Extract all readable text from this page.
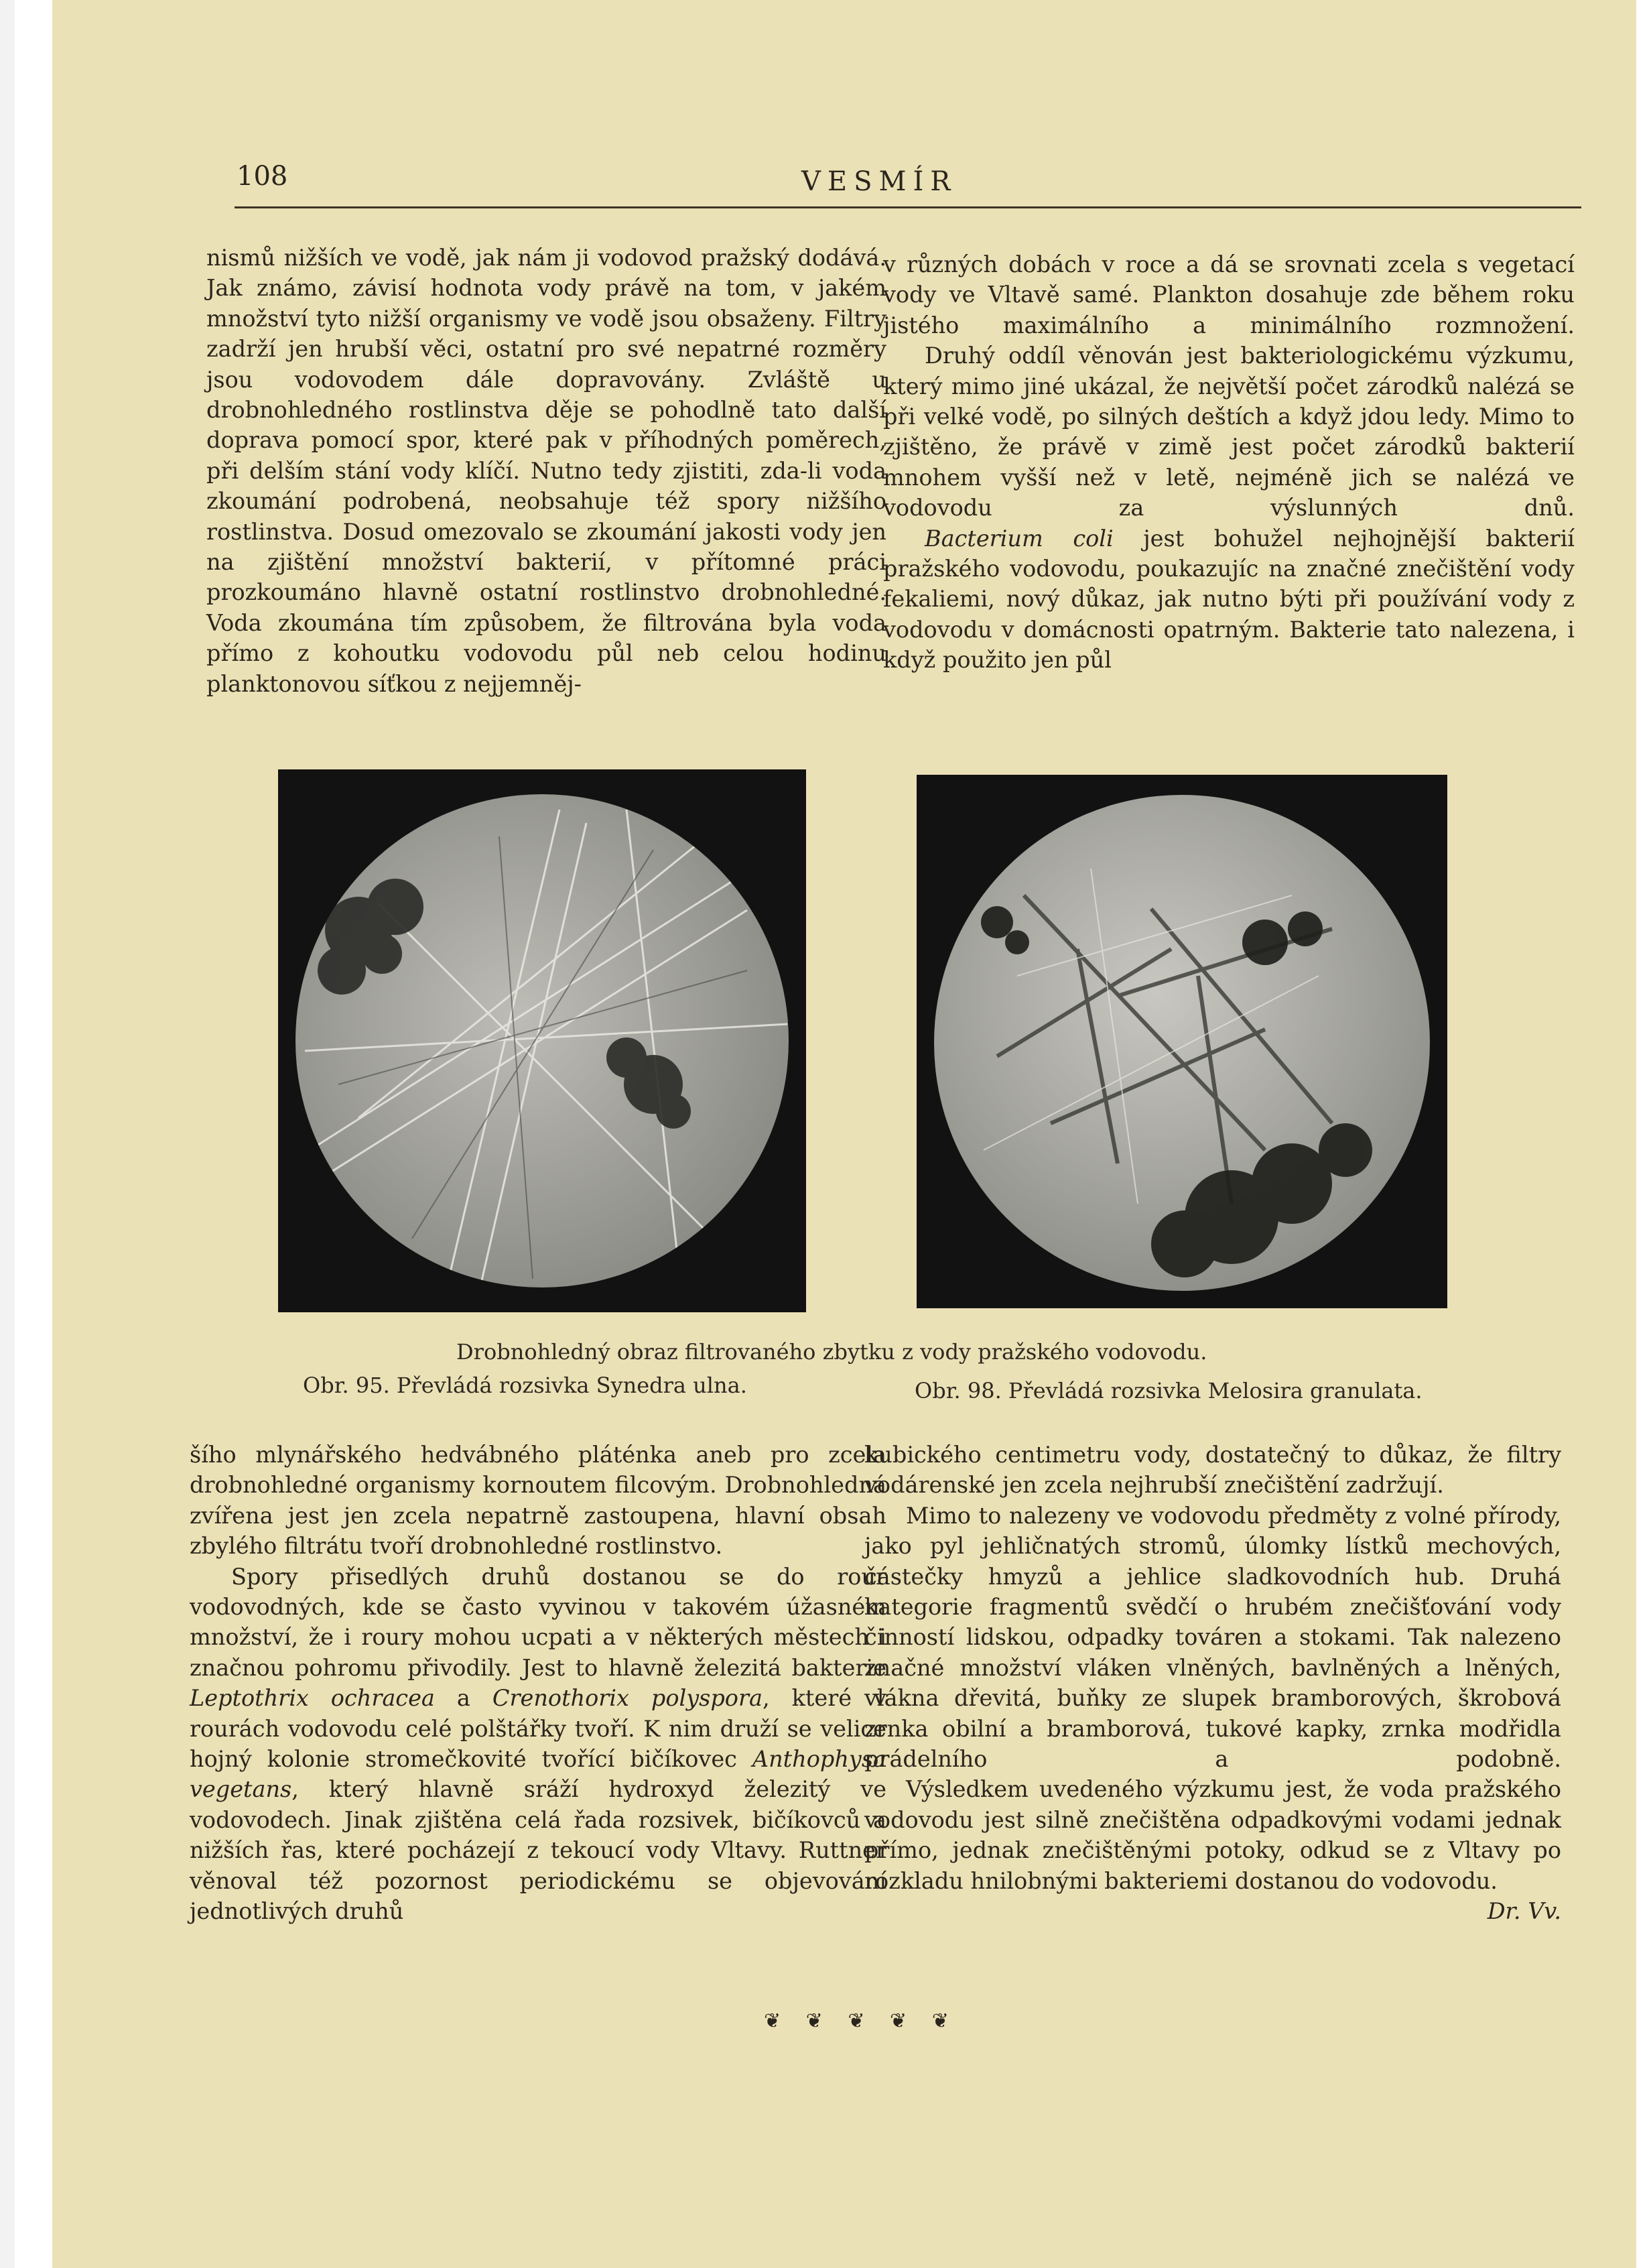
108	VESMÍR

nismů nižších ve vodě, jak nám ji vodovod pražský dodává. Jak známo, závisí hodnota vody právě na tom, v jakém množství tyto nižší organismy ve vodě jsou obsaženy. Filtry zadrží jen hrubší věci, ostatní pro své nepatrné rozměry jsou vodovodem dále dopravovány. Zvláště u drobnohledného rostlinstva děje se pohodlně tato další doprava pomocí spor, které pak v příhodných poměrech, při delším stání vody klíčí. Nutno tedy zjistiti, zda-li voda zkoumání podrobená, neobsahuje též spory nižšího rostlinstva. Dosud omezovalo se zkoumání jakosti vody jen na zjištění množství bakterií, v přítomné práci prozkoumáno hlavně ostatní rostlinstvo drobnohledné. Voda zkoumána tím způsobem, že filtrována byla voda přímo z kohoutku vodovodu půl neb celou hodinu planktonovou síťkou z nejjemněj-

v různých dobách v roce a dá se srovnati zcela s vegetací vody ve Vltavě samé. Plankton dosahuje zde během roku jistého maximálního a minimálního rozmnožení.

Druhý oddíl věnován jest bakteriologickému výzkumu, který mimo jiné ukázal, že největší počet zárodků nalézá se při velké vodě, po silných deštích a když jdou ledy. Mimo to zjištěno, že právě v zimě jest počet zárodků bakterií mnohem vyšší než v letě, nejméně jich se nalézá ve vodovodu za výslunných dnů.

Bacterium coli jest bohužel nejhojnější bakterií pražského vodovodu, poukazujíc na značné znečištění vody fekaliemi, nový důkaz, jak nutno býti při používání vody z vodovodu v domácnosti opatrným. Bakterie tato nalezena, i když použito jen půl

Drobnohledný obraz filtrovaného zbytku z vody pražského vodovodu.

Obr. 95. Převládá rozsivka Synedra ulna.	Obr. 98. Převládá rozsivka Melosira granulata.

šího mlynářského hedvábného pláténka aneb pro zcela drobnohledné organismy kornoutem filcovým. Drobnohledná zvířena jest jen zcela nepatrně zastoupena, hlavní obsah zbylého filtrátu tvoří drobnohledné rostlinstvo.

Spory přisedlých druhů dostanou se do rour vodovodných, kde se často vyvinou v takovém úžasném množství, že i roury mohou ucpati a v některých městech i značnou pohromu přivodily. Jest to hlavně železitá bakterie Leptothrix ochracea a Crenothorix polyspora, které v rourách vodovodu celé polštářky tvoří. K nim druží se velice hojný kolonie stromečkovité tvořící bičíkovec Anthophysa vegetans, který hlavně sráží hydroxyd železitý ve vodovodech. Jinak zjištěna celá řada rozsivek, bičíkovců a nižších řas, které pocházejí z tekoucí vody Vltavy. Ruttner věnoval též pozornost periodickému se objevování jednotlivých druhů

kubického centimetru vody, dostatečný to důkaz, že filtry vodárenské jen zcela nejhrubší znečištění zadržují.

Mimo to nalezeny ve vodovodu předměty z volné přírody, jako pyl jehličnatých stromů, úlomky lístků mechových, částečky hmyzů a jehlice sladkovodních hub. Druhá kategorie fragmentů svědčí o hrubém znečišťování vody činností lidskou, odpadky továren a stokami. Tak nalezeno značné množství vláken vlněných, bavlněných a lněných, vlákna dřevitá, buňky ze slupek bramborových, škrobová zrnka obilní a bramborová, tukové kapky, zrnka modřidla prádelního a podobně.

Výsledkem uvedeného výzkumu jest, že voda pražského vodovodu jest silně znečištěna odpadkovými vodami jednak přímo, jednak znečištěnými potoky, odkud se z Vltavy po rozkladu hnilobnými bakteriemi dostanou do vodovodu.
Dr. Vv.

❦ ❦ ❦ ❦ ❦
